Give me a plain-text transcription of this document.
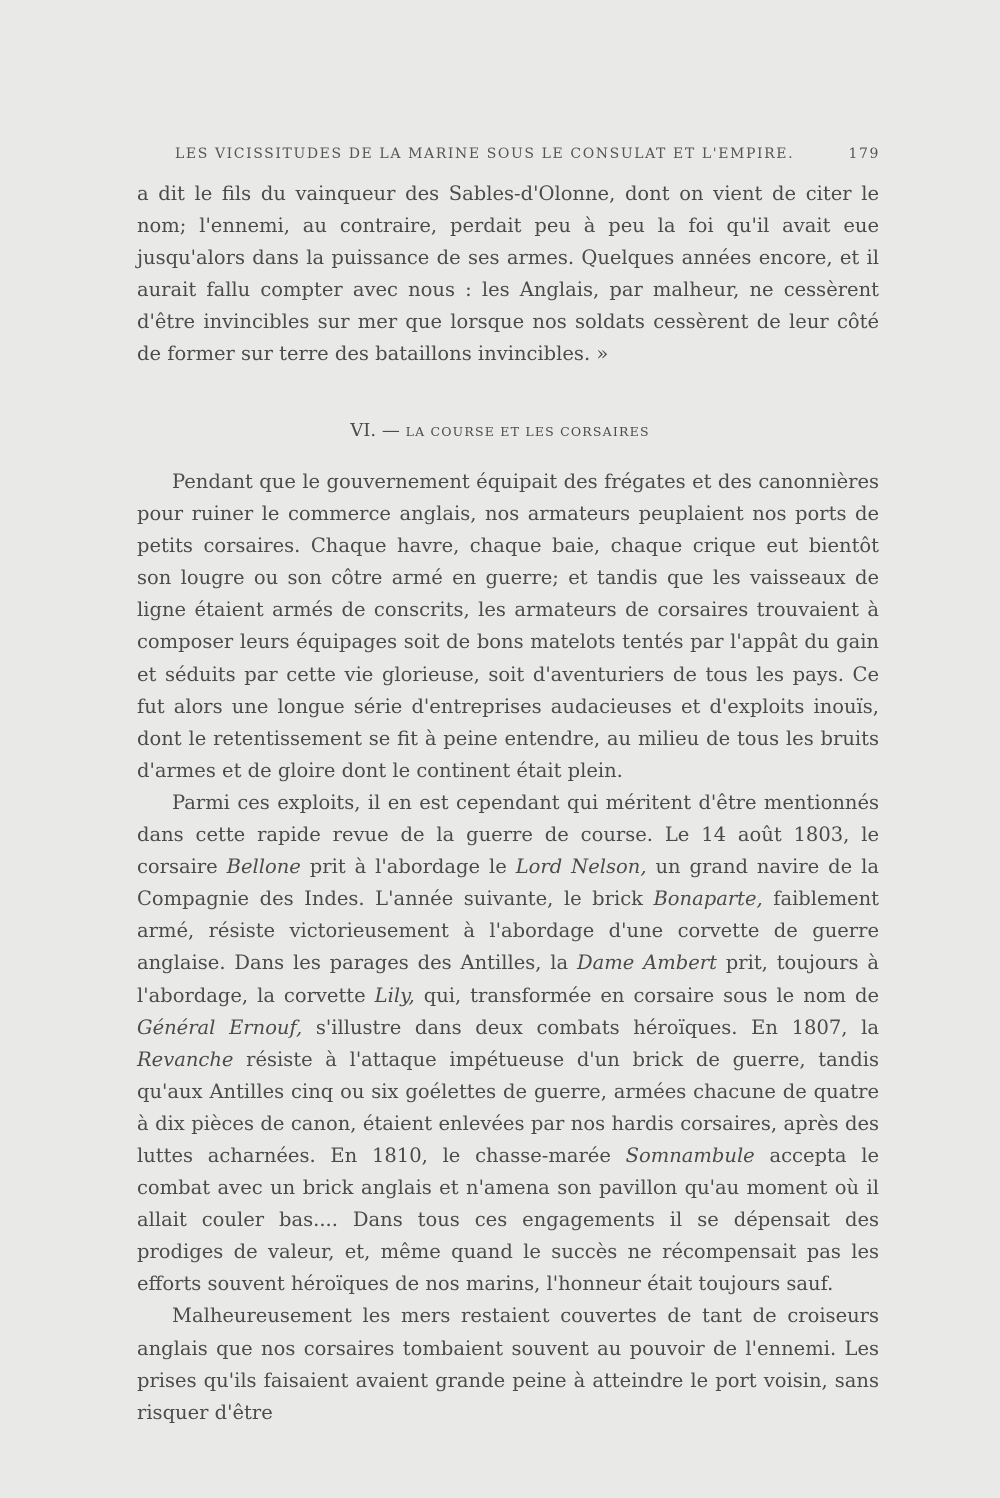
LES VICISSITUDES DE LA MARINE SOUS LE CONSULAT ET L'EMPIRE.	179

a dit le fils du vainqueur des Sables-d'Olonne, dont on vient de citer le nom; l'ennemi, au contraire, perdait peu à peu la foi qu'il avait eue jusqu'alors dans la puissance de ses armes. Quelques années encore, et il aurait fallu compter avec nous : les Anglais, par malheur, ne cessèrent d'être invincibles sur mer que lorsque nos soldats cessèrent de leur côté de former sur terre des bataillons invincibles. »

VI. — LA COURSE ET LES CORSAIRES

Pendant que le gouvernement équipait des frégates et des canonnières pour ruiner le commerce anglais, nos armateurs peuplaient nos ports de petits corsaires. Chaque havre, chaque baie, chaque crique eut bientôt son lougre ou son côtre armé en guerre; et tandis que les vaisseaux de ligne étaient armés de conscrits, les armateurs de corsaires trouvaient à composer leurs équipages soit de bons matelots tentés par l'appât du gain et séduits par cette vie glorieuse, soit d'aventuriers de tous les pays. Ce fut alors une longue série d'entreprises audacieuses et d'exploits inouïs, dont le retentissement se fit à peine entendre, au milieu de tous les bruits d'armes et de gloire dont le continent était plein.

Parmi ces exploits, il en est cependant qui méritent d'être mentionnés dans cette rapide revue de la guerre de course. Le 14 août 1803, le corsaire Bellone prit à l'abordage le Lord Nelson, un grand navire de la Compagnie des Indes. L'année suivante, le brick Bonaparte, faiblement armé, résiste victorieusement à l'abordage d'une corvette de guerre anglaise. Dans les parages des Antilles, la Dame Ambert prit, toujours à l'abordage, la corvette Lily, qui, transformée en corsaire sous le nom de Général Ernouf, s'illustre dans deux combats héroïques. En 1807, la Revanche résiste à l'attaque impétueuse d'un brick de guerre, tandis qu'aux Antilles cinq ou six goélettes de guerre, armées chacune de quatre à dix pièces de canon, étaient enlevées par nos hardis corsaires, après des luttes acharnées. En 1810, le chasse-marée Somnambule accepta le combat avec un brick anglais et n'amena son pavillon qu'au moment où il allait couler bas.... Dans tous ces engagements il se dépensait des prodiges de valeur, et, même quand le succès ne récompensait pas les efforts souvent héroïques de nos marins, l'honneur était toujours sauf.

Malheureusement les mers restaient couvertes de tant de croiseurs anglais que nos corsaires tombaient souvent au pouvoir de l'ennemi. Les prises qu'ils faisaient avaient grande peine à atteindre le port voisin, sans risquer d'être
